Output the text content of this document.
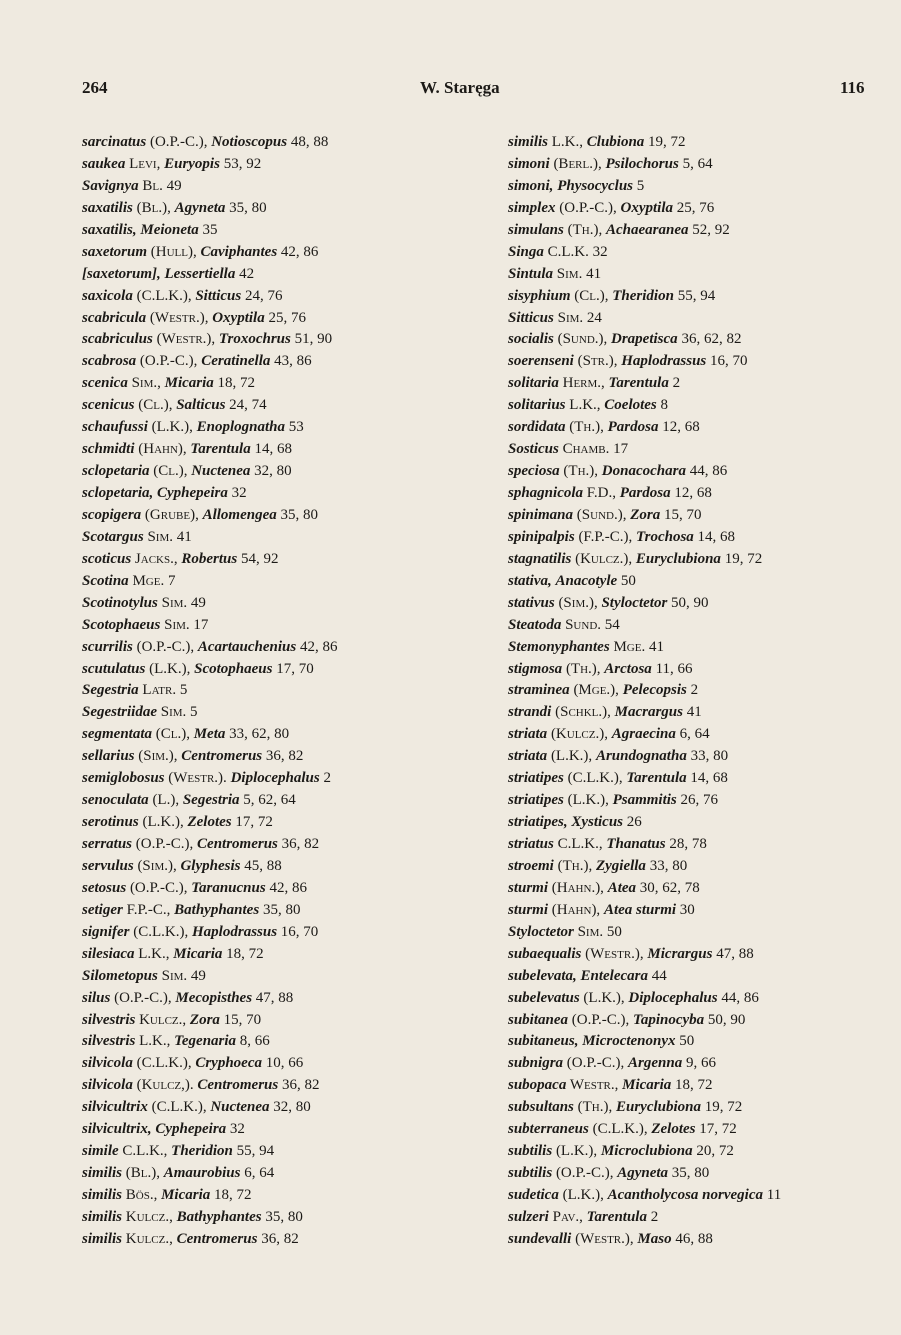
264	W. Staręga	116
sarcinatus (O.P.-C.), Notioscopus 48, 88
saukea Levi, Euryopis 53, 92
Savignya Bl. 49
saxatilis (Bl.), Agyneta 35, 80
saxatilis, Meioneta 35
saxetorum (Hull), Caviphantes 42, 86
[saxetorum], Lessertiella 42
saxicola (C.L.K.), Sitticus 24, 76
scabricula (Westr.), Oxyptila 25, 76
scabriculus (Westr.), Troxochrus 51, 90
scabrosa (O.P.-C.), Ceratinella 43, 86
scenica Sim., Micaria 18, 72
scenicus (Cl.), Salticus 24, 74
schaufussi (L.K.), Enoplognatha 53
schmidti (Hahn), Tarentula 14, 68
sclopetaria (Cl.), Nuctenea 32, 80
sclopetaria, Cyphepeira 32
scopigera (Grube), Allomengea 35, 80
Scotargus Sim. 41
scoticus Jacks., Robertus 54, 92
Scotina Mge. 7
Scotinotylus Sim. 49
Scotophaeus Sim. 17
scurrilis (O.P.-C.), Acartauchenius 42, 86
scutulatus (L.K.), Scotophaeus 17, 70
Segestria Latr. 5
Segestriidae Sim. 5
segmentata (Cl.), Meta 33, 62, 80
sellarius (Sim.), Centromerus 36, 82
semiglobosus (Westr.). Diplocephalus 2
senoculata (L.), Segestria 5, 62, 64
serotinus (L.K.), Zelotes 17, 72
serratus (O.P.-C.), Centromerus 36, 82
servulus (Sim.), Glyphesis 45, 88
setosus (O.P.-C.), Taranucnus 42, 86
setiger F.P.-C., Bathyphantes 35, 80
signifer (C.L.K.), Haplodrassus 16, 70
silesiaca L.K., Micaria 18, 72
Silometopus Sim. 49
silus (O.P.-C.), Mecopisthes 47, 88
silvestris Kulcz., Zora 15, 70
silvestris L.K., Tegenaria 8, 66
silvicola (C.L.K.), Cryphoeca 10, 66
silvicola (Kulcz,). Centromerus 36, 82
silvicultrix (C.L.K.), Nuctenea 32, 80
silvicultrix, Cyphepeira 32
simile C.L.K., Theridion 55, 94
similis (Bl.), Amaurobius 6, 64
similis Bös., Micaria 18, 72
similis Kulcz., Bathyphantes 35, 80
similis Kulcz., Centromerus 36, 82
similis L.K., Clubiona 19, 72
simoni (Berl.), Psilochorus 5, 64
simoni, Physocyclus 5
simplex (O.P.-C.), Oxyptila 25, 76
simulans (Th.), Achaearanea 52, 92
Singa C.L.K. 32
Sintula Sim. 41
sisyphium (Cl.), Theridion 55, 94
Sitticus Sim. 24
socialis (Sund.), Drapetisca 36, 62, 82
soerenseni (Str.), Haplodrassus 16, 70
solitaria Herm., Tarentula 2
solitarius L.K., Coelotes 8
sordidata (Th.), Pardosa 12, 68
Sosticus Chamb. 17
speciosa (Th.), Donacochara 44, 86
sphagnicola F.D., Pardosa 12, 68
spinimana (Sund.), Zora 15, 70
spinipalpis (F.P.-C.), Trochosa 14, 68
stagnatilis (Kulcz.), Euryclubiona 19, 72
stativa, Anacotyle 50
stativus (Sim.), Styloctetor 50, 90
Steatoda Sund. 54
Stemonyphantes Mge. 41
stigmosa (Th.), Arctosa 11, 66
straminea (Mge.), Pelecopsis 2
strandi (Schkl.), Macrargus 41
striata (Kulcz.), Agraecina 6, 64
striata (L.K.), Arundognatha 33, 80
striatipes (C.L.K.), Tarentula 14, 68
striatipes (L.K.), Psammitis 26, 76
striatipes, Xysticus 26
striatus C.L.K., Thanatus 28, 78
stroemi (Th.), Zygiella 33, 80
sturmi (Hahn.), Atea 30, 62, 78
sturmi (Hahn), Atea sturmi 30
Styloctetor Sim. 50
subaequalis (Westr.), Micrargus 47, 88
subelevata, Entelecara 44
subelevatus (L.K.), Diplocephalus 44, 86
subitanea (O.P.-C.), Tapinocyba 50, 90
subitaneus, Microctenonyx 50
subnigra (O.P.-C.), Argenna 9, 66
subopaca Westr., Micaria 18, 72
subsultans (Th.), Euryclubiona 19, 72
subterraneus (C.L.K.), Zelotes 17, 72
subtilis (L.K.), Microclubiona 20, 72
subtilis (O.P.-C.), Agyneta 35, 80
sudetica (L.K.), Acantholycosa norvegica 11
sulzeri Pav., Tarentula 2
sundevalli (Westr.), Maso 46, 88
